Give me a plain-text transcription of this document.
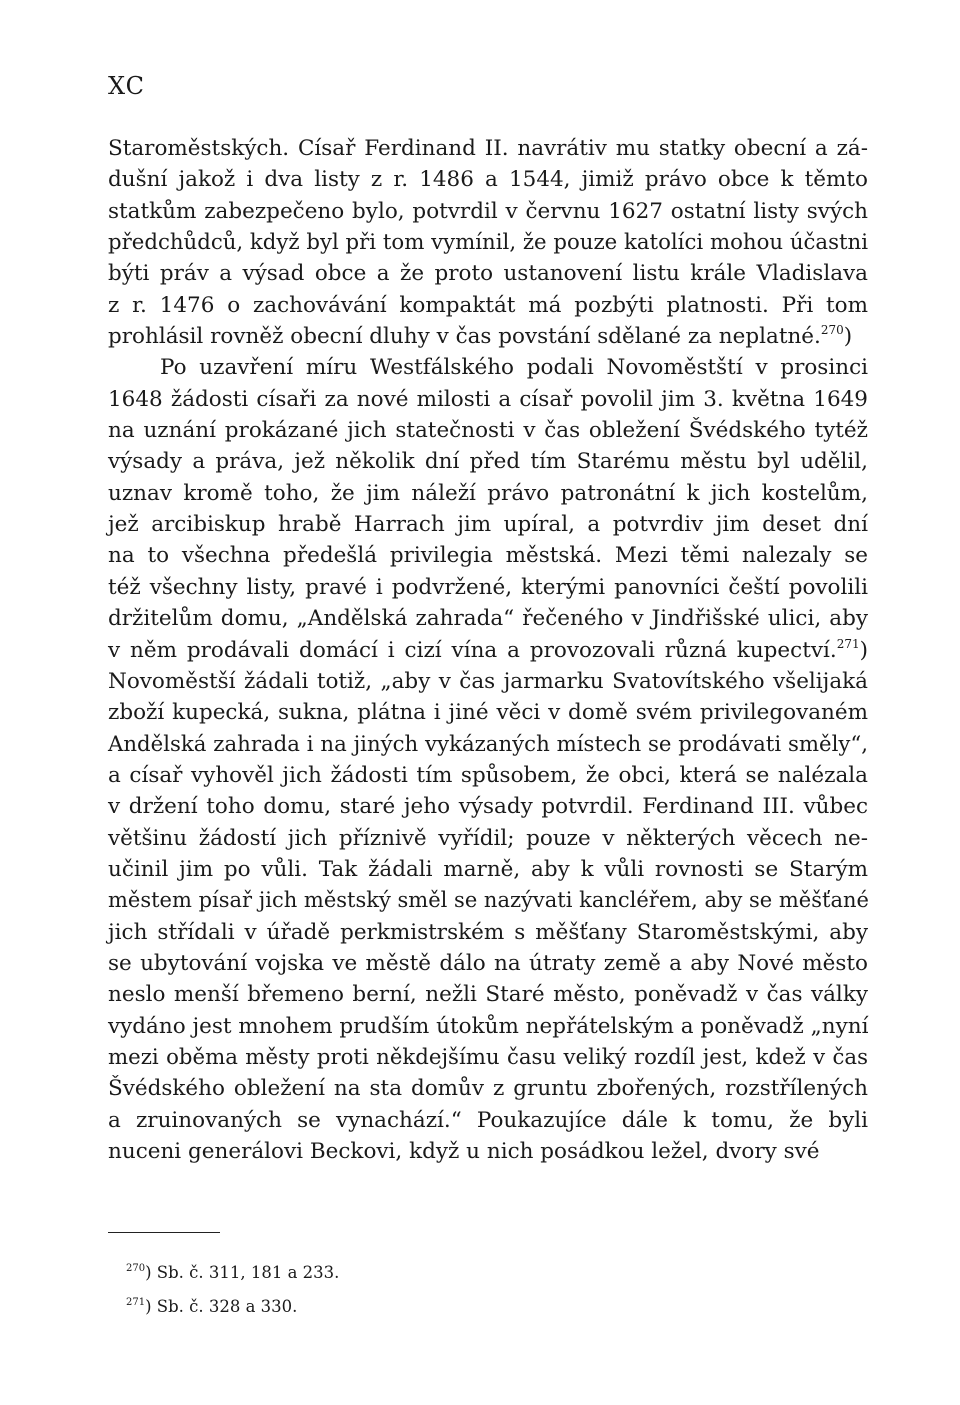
XC
Staroměstských. Císař Ferdinand II. navrátiv mu statky obecní a zá-
dušní jakož i dva listy z r. 1486 a 1544, jimiž právo obce k těmto
statkům zabezpečeno bylo, potvrdil v červnu 1627 ostatní listy svých
předchůdců, když byl při tom vymínil, že pouze katolíci mohou účastni
býti práv a výsad obce a že proto ustanovení listu krále Vladislava
z r. 1476 o zachovávání kompaktát má pozbýti platnosti. Při tom
prohlásil rovněž obecní dluhy v čas povstání sdělané za neplatné.$^{270}$)
Po uzavření míru Westfálského podali Novoměstští v prosinci
1648 žádosti císaři za nové milosti a císař povolil jim 3. května 1649
na uznání prokázané jich statečnosti v čas obležení Švédského tytéž
výsady a práva, jež několik dní před tím Starému městu byl udělil,
uznav kromě toho, že jim náleží právo patronátní k jich kostelům,
jež arcibiskup hrabě Harrach jim upíral, a potvrdiv jim deset dní
na to všechna předešlá privilegia městská. Mezi těmi nalezaly se
též všechny listy, pravé i podvržené, kterými panovníci čeští povolili
držitelům domu, „Andělská zahrada“ řečeného v Jindřišské ulici, aby
v něm prodávali domácí i cizí vína a provozovali různá kupectví.$^{271}$)
Novoměstší žádali totiž, „aby v čas jarmarku Svatovítského všelijaká
zboží kupecká, sukna, plátna i jiné věci v domě svém privilegovaném
Andělská zahrada i na jiných vykázaných místech se prodávati směly“,
a císař vyhověl jich žádosti tím spůsobem, že obci, která se nalézala
v držení toho domu, staré jeho výsady potvrdil. Ferdinand III. vůbec
většinu žádostí jich příznivě vyřídil; pouze v některých věcech ne-
učinil jim po vůli. Tak žádali marně, aby k vůli rovnosti se Starým
městem písař jich městský směl se nazývati kancléřem, aby se měšťané
jich střídali v úřadě perkmistrském s měšťany Staroměstskými, aby
se ubytování vojska ve městě dálo na útraty země a aby Nové město
neslo menší břemeno berní, nežli Staré město, poněvadž v čas války
vydáno jest mnohem prudším útokům nepřátelským a poněvadž „nyní
mezi oběma městy proti někdejšímu času veliký rozdíl jest, kdež v čas
Švédského obležení na sta domův z gruntu zbořených, rozstřílených
a zruinovaných se vynachází.“ Poukazujíce dále k tomu, že byli
nuceni generálovi Beckovi, když u nich posádkou ležel, dvory své
$^{270}$) Sb. č. 311, 181 a 233.
$^{271}$) Sb. č. 328 a 330.
